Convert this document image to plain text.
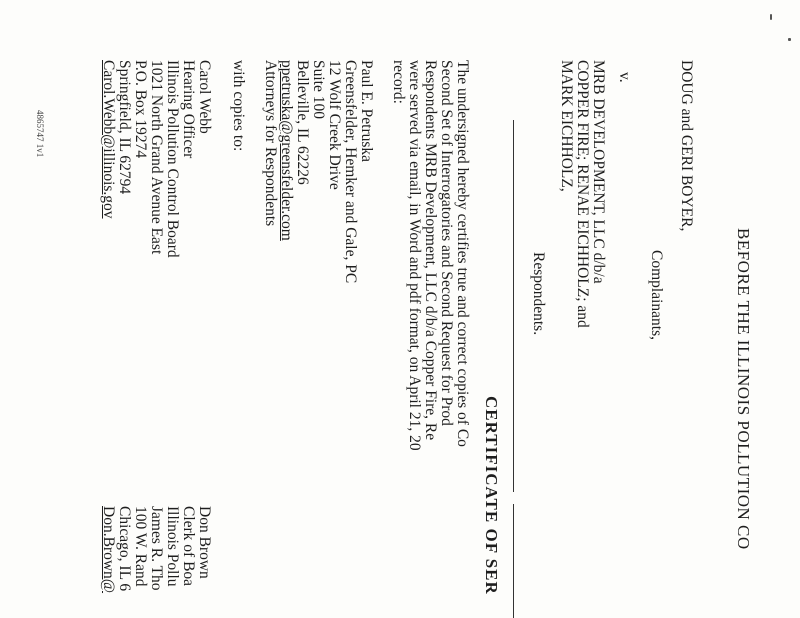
BEFORE THE ILLINOIS POLLUTION CO
DOUG and GERI BOYER,
Complainants,
v.
MRB DEVELOPMENT, LLC d/b/a
COPPER FIRE; RENAE EICHHOLZ; and
MARK EICHHOLZ,
Respondents.
CERTIFICATE OF SER
The undersigned hereby certifies true and correct copies of Co
Second Set of Interrogatories and Second Request for Prod
Respondents MRB Development, LLC d/b/a Copper Fire, Re
were served via email, in Word and pdf format, on April 21, 20
record:
Paul E. Petruska
Greensfelder, Hemker and Gale, PC
12 Wolf Creek Drive
Suite 100
Belleville, IL 62226
ppetruska@greensfelder.com
Attorneys for Respondents
with copies to:
Carol Webb
Hearing Officer
Illinois Pollution Control Board
1021 North Grand Avenue East
P.O. Box 19274
Springfield, IL 62794
Carol.Webb@illinois.gov
Don Brown
Clerk of Boa
Illinois Pollu
James R. Tho
100 W. Rand
Chicago, IL 6
Don.Brown@
4865747 1v1
